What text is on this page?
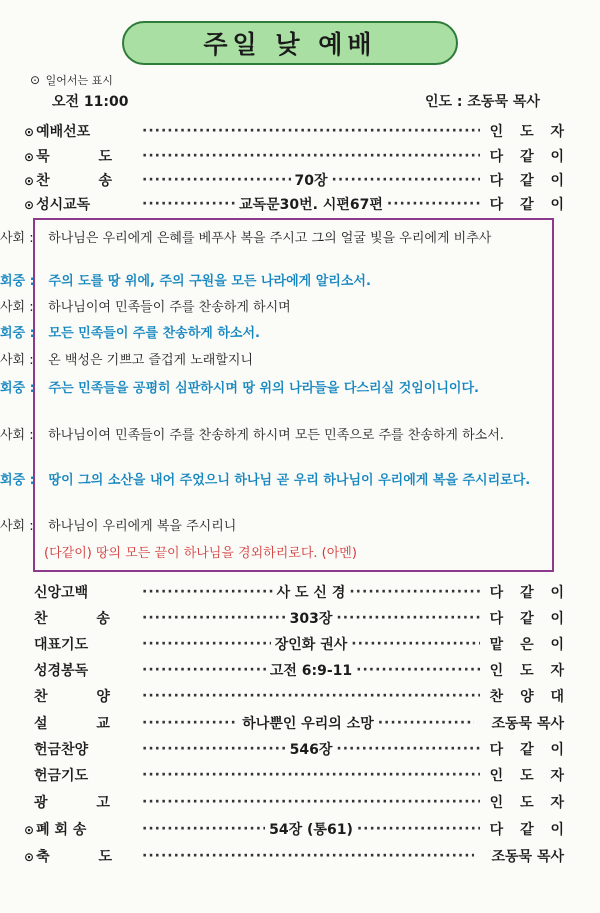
주일 낮 예배
⊙ 일어서는 표시
오전 11:00	인도 : 조동묵 목사
⊙ 예배선포 ·····	인 도 자
⊙ 묵 도 ·····	다 같 이
⊙ 찬 송 ·····	70장 ·····	다 같 이
⊙ 성시교독 ·····	교독문30번. 시편67편 ·····	다 같 이
사회 : 하나님은 우리에게 은혜를 베푸사 복을 주시고 그의 얼굴 빛을 우리에게 비추사
회중 : 주의 도를 땅 위에, 주의 구원을 모든 나라에게 알리소서.
사회 : 하나님이여 민족들이 주를 찬송하게 하시며
회중 : 모든 민족들이 주를 찬송하게 하소서.
사회 : 온 백성은 기쁘고 즐겁게 노래할지니
회중 : 주는 민족들을 공평히 심판하시며 땅 위의 나라들을 다스리실 것임이니이다.
사회 : 하나님이여 민족들이 주를 찬송하게 하시며 모든 민족으로 주를 찬송하게 하소서.
회중 : 땅이 그의 소산을 내어 주었으니 하나님 곧 우리 하나님이 우리에게 복을 주시리로다.
사회 : 하나님이 우리에게 복을 주시리니
(다같이) 땅의 모든 끝이 하나님을 경외하리로다. (아멘)
신앙고백 ·····	사 도 신 경 ·····	다 같 이
찬 송 ·····	303장 ·····	다 같 이
대표기도 ·····	장인화 권사 ·····	맡 은 이
성경봉독 ·····	고전 6:9-11 ·····	인 도 자
찬 양 ·····	찬 양 대
설 교 ·····	하나뿐인 우리의 소망 ·····	조동묵 목사
헌금찬양 ·····	546장 ·····	다 같 이
헌금기도 ·····	인 도 자
광 고 ·····	인 도 자
⊙ 폐 회 송 ·····	54장 (통61) ·····	다 같 이
⊙ 축 도 ·····	조동묵 목사
